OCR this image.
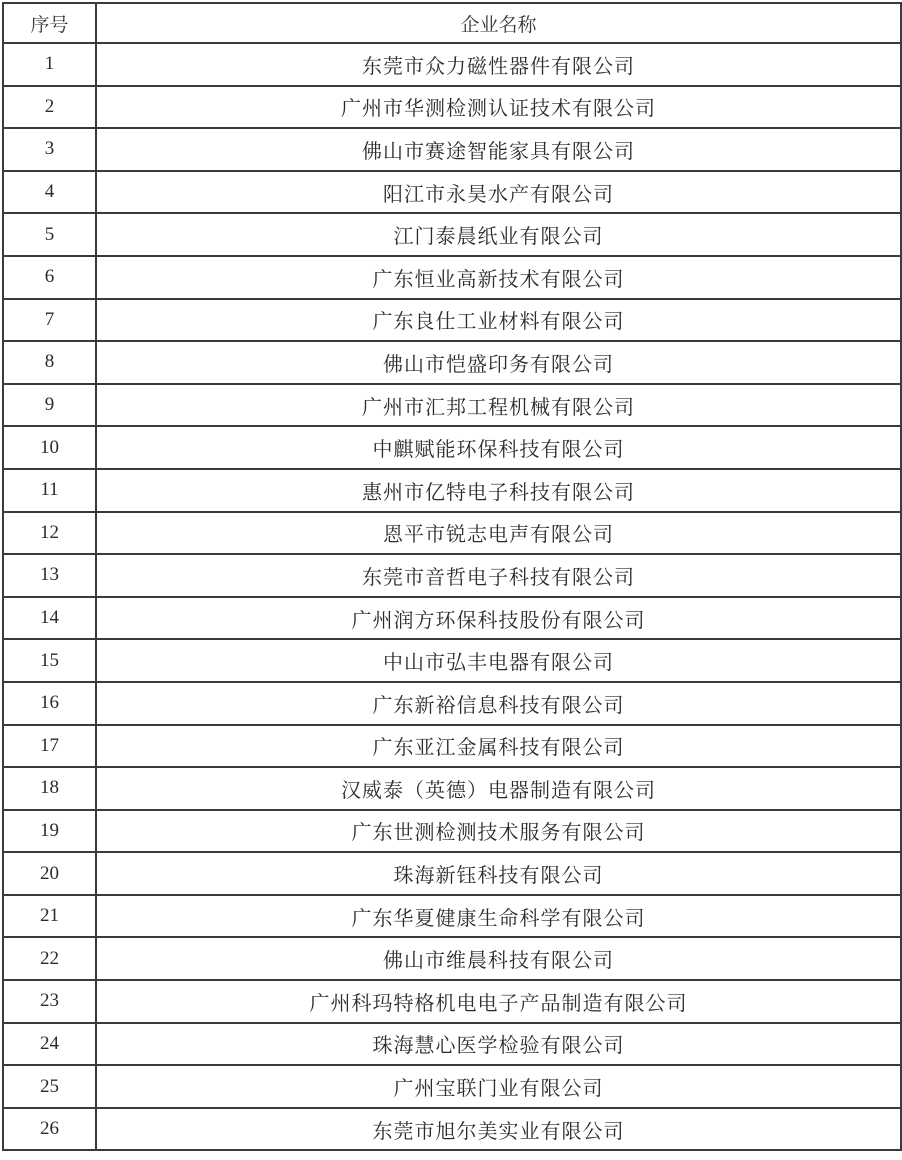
序号	企业名称
1	东莞市众力磁性器件有限公司
2	广州市华测检测认证技术有限公司
3	佛山市赛途智能家具有限公司
4	阳江市永昊水产有限公司
5	江门泰晨纸业有限公司
6	广东恒业高新技术有限公司
7	广东良仕工业材料有限公司
8	佛山市恺盛印务有限公司
9	广州市汇邦工程机械有限公司
10	中麒赋能环保科技有限公司
11	惠州市亿特电子科技有限公司
12	恩平市锐志电声有限公司
13	东莞市音哲电子科技有限公司
14	广州润方环保科技股份有限公司
15	中山市弘丰电器有限公司
16	广东新裕信息科技有限公司
17	广东亚江金属科技有限公司
18	汉威泰（英德）电器制造有限公司
19	广东世测检测技术服务有限公司
20	珠海新钰科技有限公司
21	广东华夏健康生命科学有限公司
22	佛山市维晨科技有限公司
23	广州科玛特格机电电子产品制造有限公司
24	珠海慧心医学检验有限公司
25	广州宝联门业有限公司
26	东莞市旭尔美实业有限公司
